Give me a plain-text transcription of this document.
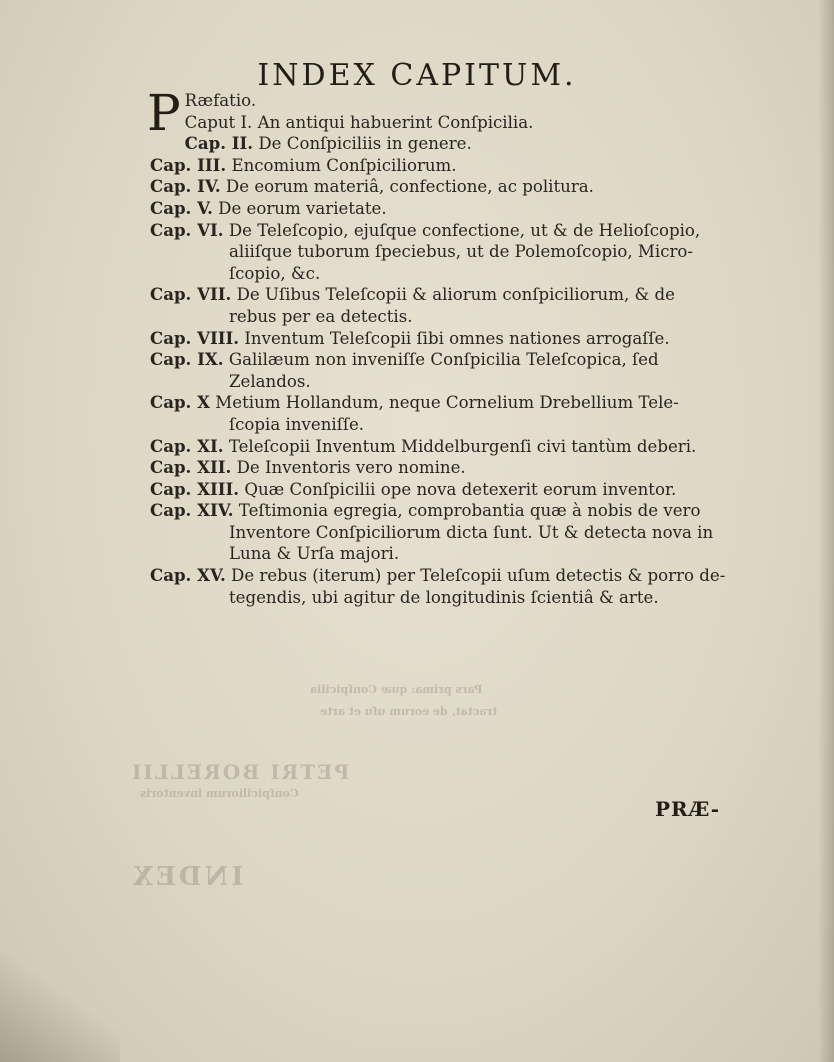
Pars prima: quæ Conſpicilia
tractat, de eorum uſu et arte
PETRI BORELLII
Conſpiciliorum inventoris
INDEX
INDEX CAPITUM.
P Ræfatio.
Caput I. An antiqui habuerint Conſpicilia.
Cap. II. De Conſpiciliis in genere.
Cap. III. Encomium Conſpiciliorum.
Cap. IV. De eorum materiâ, confectione, ac politura.
Cap. V. De eorum varietate.
Cap. VI. De Teleſcopio, ejuſque confectione, ut & de Helioſcopio,
aliiſque tuborum ſpeciebus, ut de Polemoſcopio, Micro-
ſcopio, &c.
Cap. VII. De Uſibus Teleſcopii & aliorum conſpiciliorum, & de
rebus per ea detectis.
Cap. VIII. Inventum Teleſcopii ſibi omnes nationes arrogaſſe.
Cap. IX. Galilæum non inveniſſe Conſpicilia Teleſcopica, ſed
Zelandos.
Cap. X Metium Hollandum, neque Cornelium Drebellium Tele-
ſcopia inveniſſe.
Cap. XI. Teleſcopii Inventum Middelburgenſi civi tantùm deberi.
Cap. XII. De Inventoris vero nomine.
Cap. XIII. Quæ Conſpicilii ope nova detexerit eorum inventor.
Cap. XIV. Teſtimonia egregia, comprobantia quæ à nobis de vero
Inventore Conſpiciliorum dicta ſunt. Ut & detecta nova in
Luna & Urſa majori.
Cap. XV. De rebus (iterum) per Teleſcopii uſum detectis & porro de-
tegendis, ubi agitur de longitudinis ſcientiâ & arte.
PRÆ-
